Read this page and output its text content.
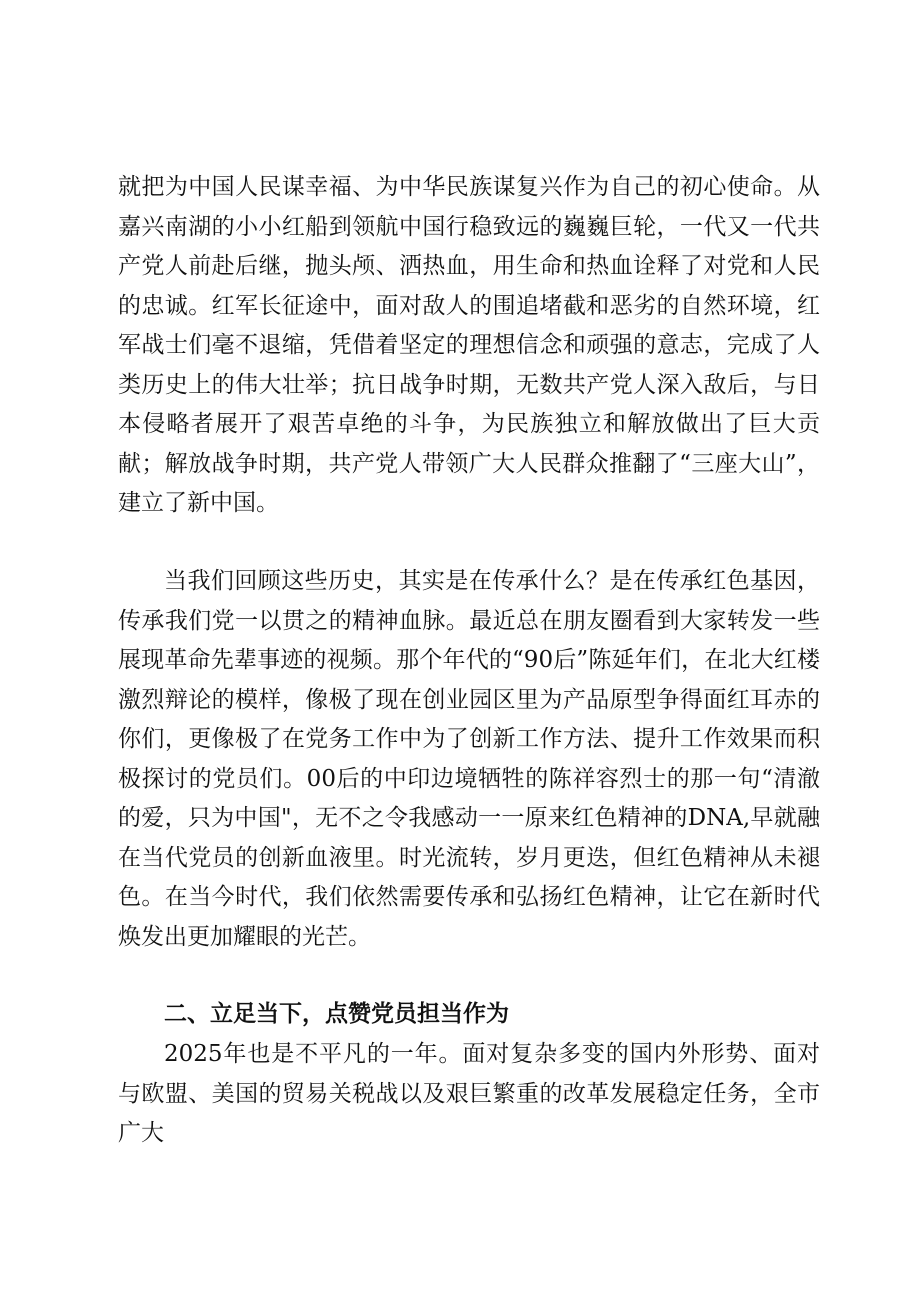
就把为中国人民谋幸福、为中华民族谋复兴作为自己的初心使命。从嘉兴南湖的小小红船到领航中国行稳致远的巍巍巨轮，一代又一代共产党人前赴后继，抛头颅、洒热血，用生命和热血诠释了对党和人民的忠诚。红军长征途中，面对敌人的围追堵截和恶劣的自然环境，红军战士们毫不退缩，凭借着坚定的理想信念和顽强的意志，完成了人类历史上的伟大壮举；抗日战争时期，无数共产党人深入敌后，与日本侵略者展开了艰苦卓绝的斗争，为民族独立和解放做出了巨大贡献；解放战争时期，共产党人带领广大人民群众推翻了“三座大山”，建立了新中国。
当我们回顾这些历史，其实是在传承什么？是在传承红色基因，传承我们党一以贯之的精神血脉。最近总在朋友圈看到大家转发一些展现革命先辈事迹的视频。那个年代的“90后”陈延年们，在北大红楼激烈辩论的模样，像极了现在创业园区里为产品原型争得面红耳赤的你们，更像极了在党务工作中为了创新工作方法、提升工作效果而积极探讨的党员们。00后的中印边境牺牲的陈祥容烈士的那一句“清澈的爱，只为中国"，无不之令我感动一一原来红色精神的DNA,早就融在当代党员的创新血液里。时光流转，岁月更迭，但红色精神从未褪色。在当今时代，我们依然需要传承和弘扬红色精神，让它在新时代焕发出更加耀眼的光芒。
二、立足当下，点赞党员担当作为
2025年也是不平凡的一年。面对复杂多变的国内外形势、面对与欧盟、美国的贸易关税战以及艰巨繁重的改革发展稳定任务，全市广大
